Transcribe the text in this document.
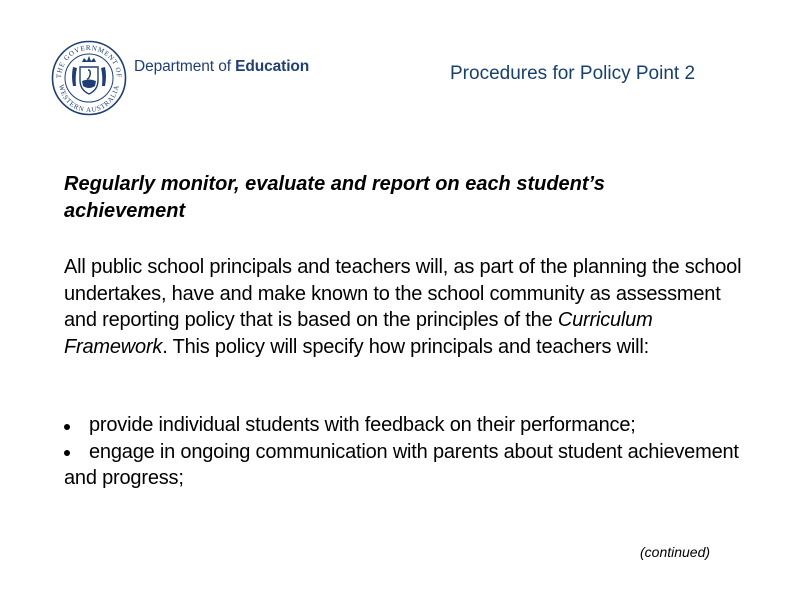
THE GOVERNMENT OF
WESTERN AUSTRALIA
Department of Education	Procedures for Policy Point 2
Regularly monitor, evaluate and report on each student’s achievement
All public school principals and teachers will, as part of the planning the school undertakes, have and make known to the school community as assessment and reporting policy that is based on the principles of the Curriculum Framework. This policy will specify how principals and teachers will:
provide individual students with feedback on their performance;
engage in ongoing communication with parents about student achievement and progress;
(continued)
